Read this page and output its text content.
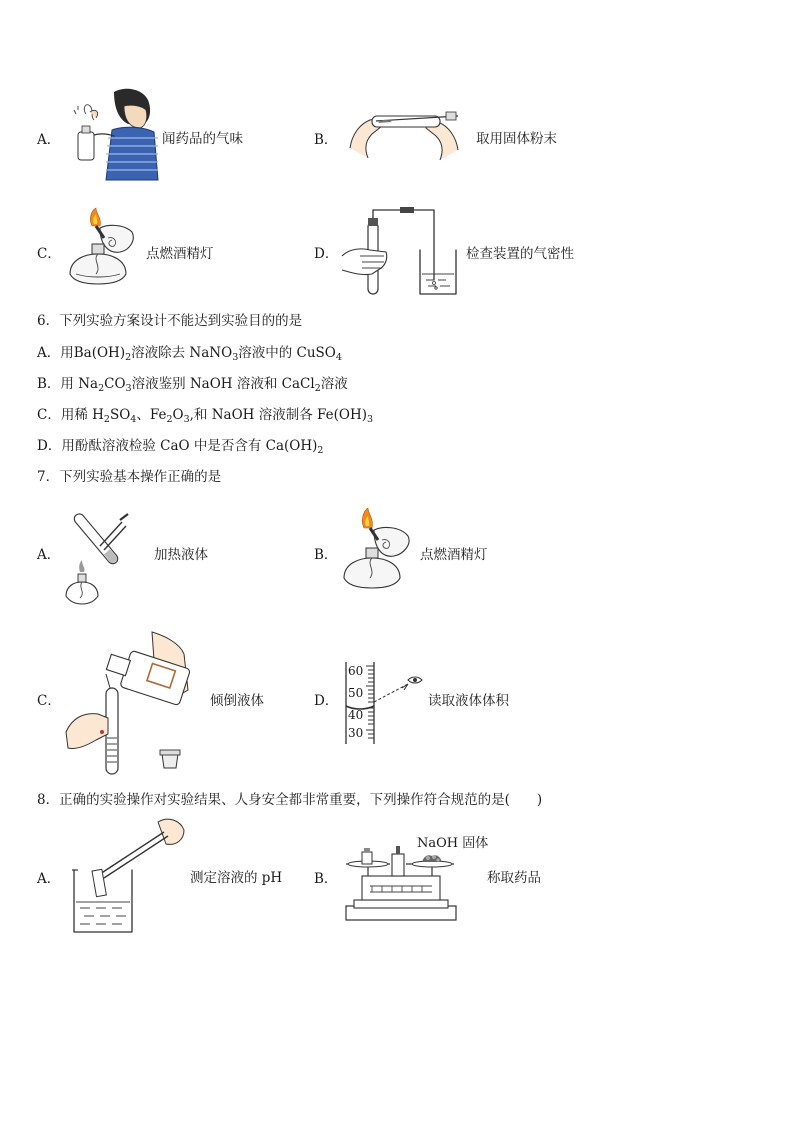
A．	闻药品的气味	B．	取用固体粉末
C．	点燃酒精灯	D．	检查装置的气密性
6．下列实验方案设计不能达到实验目的的是
A．用$Ba(OH)_2$溶液除去 NaNO$_3$溶液中的 CuSO$_4$
B．用 $Na_2CO_3$溶液鉴别 NaOH 溶液和 CaCl$_2$溶液
C．用稀 $H_2SO_4$、$Fe_2O_3$,和 NaOH 溶液制各 $Fe(OH)_3$
D．用酚酞溶液检验 CaO 中是否含有 $Ca(OH)_2$
7．下列实验基本操作正确的是
A．	加热液体	B．	点燃酒精灯
C．	倾倒液体	D．
60
50
40
30
读取液体体积
8．正确的实验操作对实验结果、人身安全都非常重要，下列操作符合规范的是(　　)
A．	测定溶液的 pH B．
NaOH 固体
称取药品
